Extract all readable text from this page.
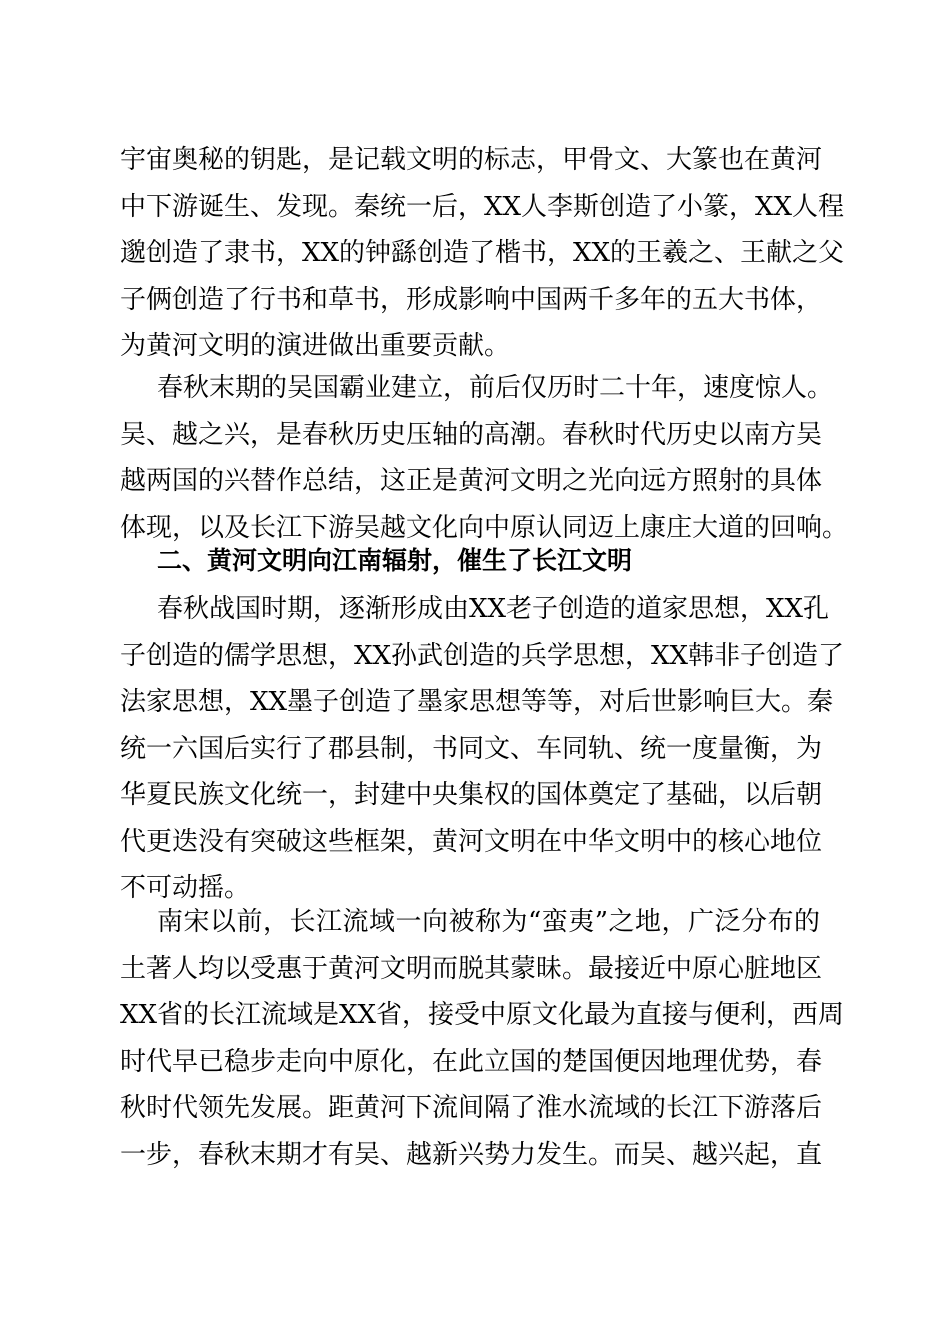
宇宙奥秘的钥匙，是记载文明的标志，甲骨文、大篆也在黄河
中下游诞生、发现。秦统一后，XX人李斯创造了小篆，XX人程
邈创造了隶书，XX的钟繇创造了楷书，XX的王羲之、王献之父
子俩创造了行书和草书，形成影响中国两千多年的五大书体，
为黄河文明的演进做出重要贡献。
春秋末期的吴国霸业建立，前后仅历时二十年，速度惊人。
吴、越之兴，是春秋历史压轴的高潮。春秋时代历史以南方吴
越两国的兴替作总结，这正是黄河文明之光向远方照射的具体
体现，以及长江下游吴越文化向中原认同迈上康庄大道的回响。
二、黄河文明向江南辐射，催生了长江文明
春秋战国时期，逐渐形成由XX老子创造的道家思想，XX孔
子创造的儒学思想，XX孙武创造的兵学思想，XX韩非子创造了
法家思想，XX墨子创造了墨家思想等等，对后世影响巨大。秦
统一六国后实行了郡县制，书同文、车同轨、统一度量衡，为
华夏民族文化统一，封建中央集权的国体奠定了基础，以后朝
代更迭没有突破这些框架，黄河文明在中华文明中的核心地位
不可动摇。
南宋以前，长江流域一向被称为“蛮夷”之地，广泛分布的
土著人均以受惠于黄河文明而脱其蒙昧。最接近中原心脏地区
XX省的长江流域是XX省，接受中原文化最为直接与便利，西周
时代早已稳步走向中原化，在此立国的楚国便因地理优势，春
秋时代领先发展。距黄河下流间隔了淮水流域的长江下游落后
一步，春秋末期才有吴、越新兴势力发生。而吴、越兴起，直
